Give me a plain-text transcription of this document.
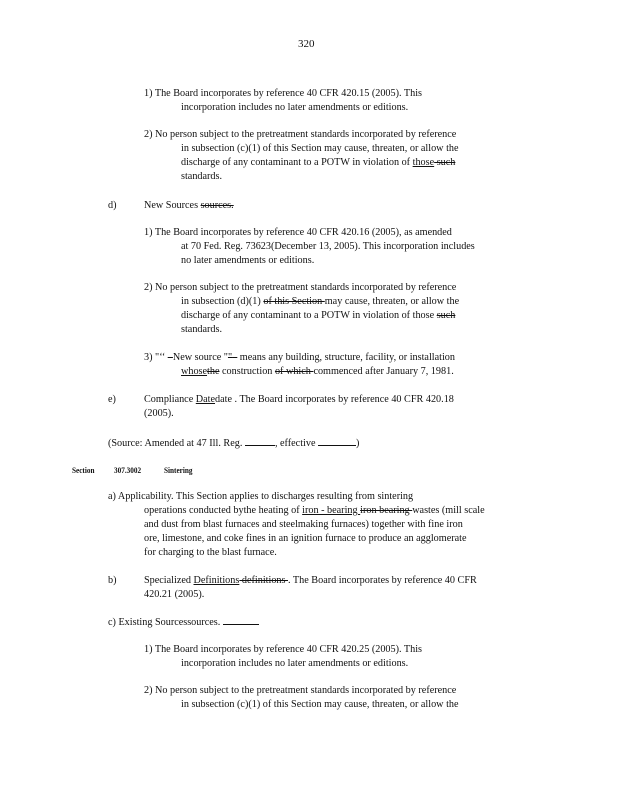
320
1) The Board incorporates by reference 40 CFR 420.15 (2005). This
incorporation includes no later amendments or editions.
2) No person subject to the pretreatment standards incorporated by reference
in subsection (c)(1) of this Section may cause, threaten, or allow the
discharge of any contaminant to a POTW in violation of those such
standards.
d)	New Sources sources.
1) The Board incorporates by reference 40 CFR 420.16 (2005), as amended
at 70 Fed. Reg. 73623(December 13, 2005). This incorporation includes
no later amendments or editions.
2) No person subject to the pretreatment standards incorporated by reference
in subsection (d)(1) of this Section may cause, threaten, or allow the
discharge of any contaminant to a POTW in violation of those such
standards.
3) "‘‘ ‒New source ""‒ means any building, structure, facility, or installation
whosethe construction of which commenced after January 7, 1981.
e)	Compliance Datedate . The Board incorporates by reference 40 CFR 420.18
(2005).
(Source: Amended at 47 Ill. Reg.	, effective	)
Section 307.3002	Sintering
a) Applicability. This Section applies to discharges resulting from sintering
operations conducted bythe heating of iron - bearing iron bearing wastes (mill scale
and dust from blast furnaces and steelmaking furnaces) together with fine iron
ore, limestone, and coke fines in an ignition furnace to produce an agglomerate
for charging to the blast furnace.
b)	Specialized Definitions definitions . The Board incorporates by reference 40 CFR
420.21 (2005).
c) Existing Sourcessources.
1) The Board incorporates by reference 40 CFR 420.25 (2005). This
incorporation includes no later amendments or editions.
2) No person subject to the pretreatment standards incorporated by reference
in subsection (c)(1) of this Section may cause, threaten, or allow the
